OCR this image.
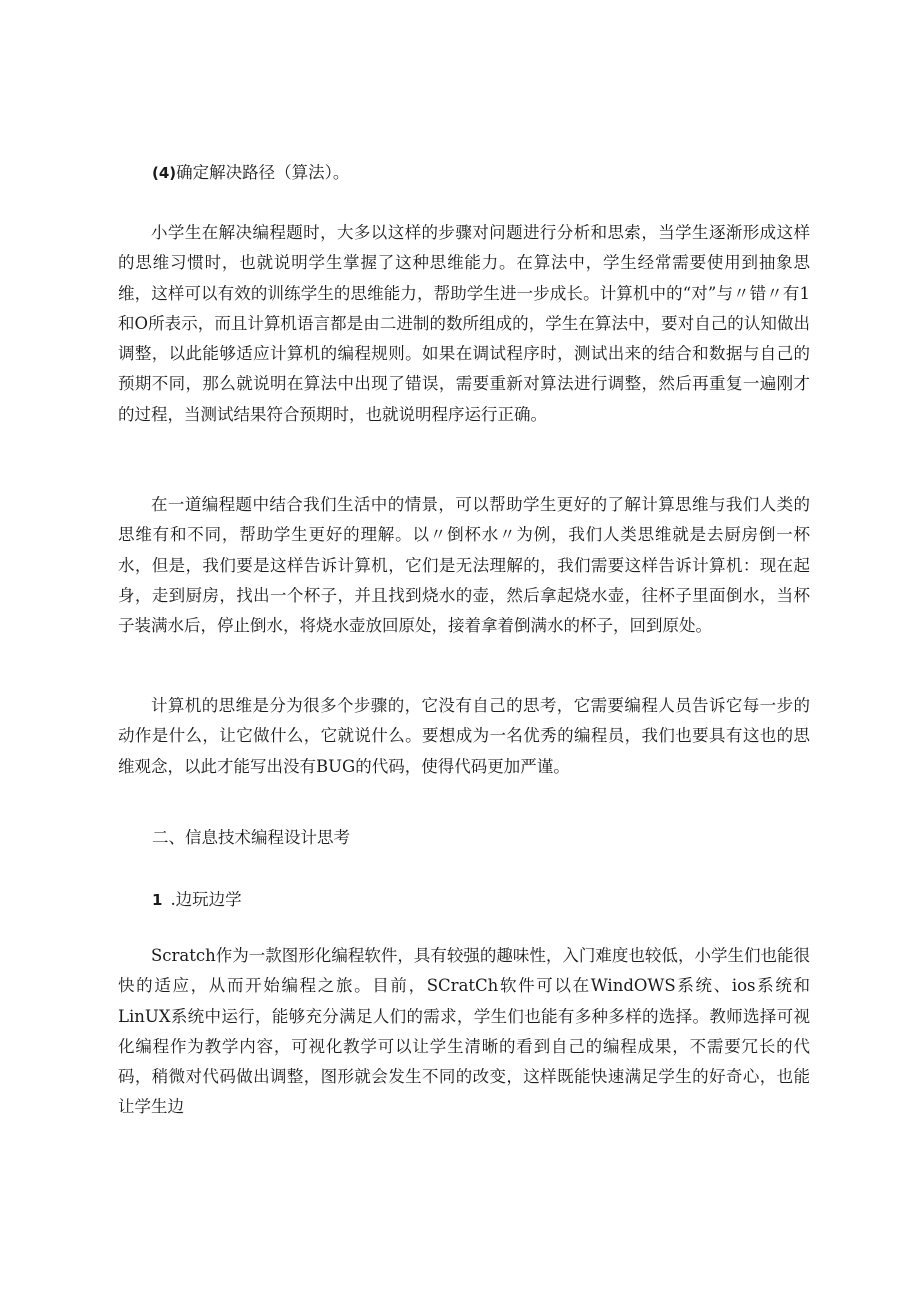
(4)确定解决路径（算法）。

小学生在解决编程题时，大多以这样的步骤对问题进行分析和思索，当学生逐渐形成这样的思维习惯时，也就说明学生掌握了这种思维能力。在算法中，学生经常需要使用到抽象思维，这样可以有效的训练学生的思维能力，帮助学生进一步成长。计算机中的“对”与〃错〃有1和O所表示，而且计算机语言都是由二进制的数所组成的，学生在算法中，要对自己的认知做出调整，以此能够适应计算机的编程规则。如果在调试程序时，测试出来的结合和数据与自己的预期不同，那么就说明在算法中出现了错误，需要重新对算法进行调整，然后再重复一遍刚才的过程，当测试结果符合预期时，也就说明程序运行正确。

在一道编程题中结合我们生活中的情景，可以帮助学生更好的了解计算思维与我们人类的思维有和不同，帮助学生更好的理解。以〃倒杯水〃为例，我们人类思维就是去厨房倒一杯水，但是，我们要是这样告诉计算机，它们是无法理解的，我们需要这样告诉计算机：现在起身，走到厨房，找出一个杯子，并且找到烧水的壶，然后拿起烧水壶，往杯子里面倒水，当杯子装满水后，停止倒水，将烧水壶放回原处，接着拿着倒满水的杯子，回到原处。

计算机的思维是分为很多个步骤的，它没有自己的思考，它需要编程人员告诉它每一步的动作是什么，让它做什么，它就说什么。要想成为一名优秀的编程员，我们也要具有这也的思维观念，以此才能写出没有BUG的代码，使得代码更加严谨。

二、信息技术编程设计思考

1 .边玩边学

Scratch作为一款图形化编程软件，具有较强的趣味性，入门难度也较低，小学生们也能很快的适应，从而开始编程之旅。目前，SCratCh软件可以在WindOWS系统、ios系统和LinUX系统中运行，能够充分满足人们的需求，学生们也能有多种多样的选择。教师选择可视化编程作为教学内容，可视化教学可以让学生清晰的看到自己的编程成果，不需要冗长的代码，稍微对代码做出调整，图形就会发生不同的改变，这样既能快速满足学生的好奇心，也能让学生边
